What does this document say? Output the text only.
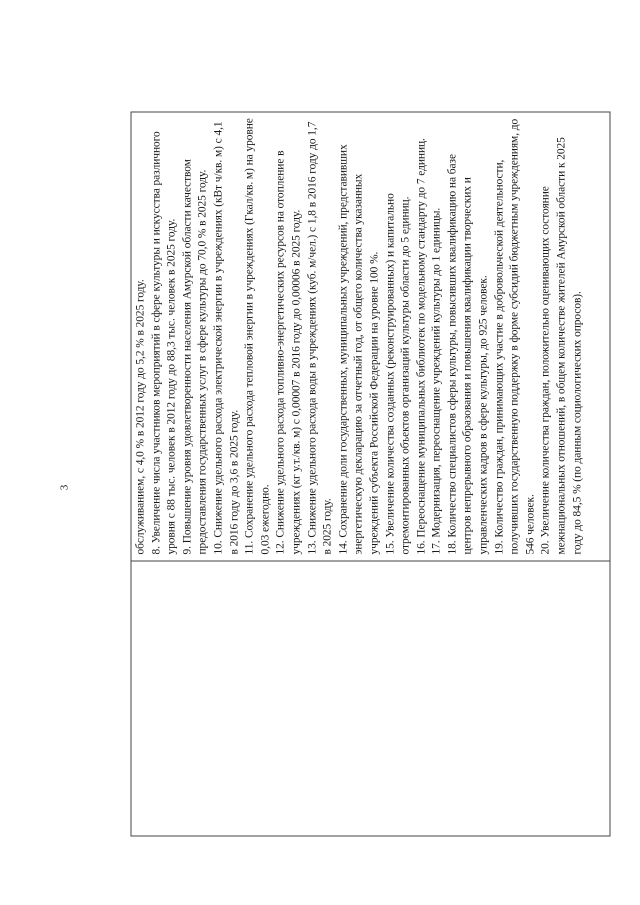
3
		обслуживанием, с 4,0 % в 2012 году до 5,2 % в 2025 году. 8. Увеличение числа участников мероприятий в сфере культуры и искусства различного уровня с 88 тыс. человек в 2012 году до 88,3 тыс. человек в 2025 году. 9. Повышение уровня удовлетворенности населения Амурской области качеством предоставления государственных услуг в сфере культуры до 70,0 % в 2025 году. 10. Снижение удельного расхода электрической энергии в учреждениях (кВт ч/кв. м) с 4,1 в 2016 году до 3,6 в 2025 году. 11. Сохранение удельного расхода тепловой энергии в учреждениях (Гкал/кв. м) на уровне 0,03 ежегодно. 12. Снижение удельного расхода топливно-энергетических ресурсов на отопление в учреждениях (кг у.т./кв. м) с 0,00007 в 2016 году до 0,00006 в 2025 году. 13. Снижение удельного расхода воды в учреждениях (куб. м/чел.) с 1,8 в 2016 году до 1,7 в 2025 году. 14. Сохранение доли государственных, муниципальных учреждений, представивших энергетическую декларацию за отчетный год, от общего количества указанных учреждений субъекта Российской Федерации на уровне 100 %. 15. Увеличение количества созданных (реконструированных) и капитально отремонтированных объектов организаций культуры области до 5 единиц. 16. Переоснащение муниципальных библиотек по модельному стандарту до 7 единиц. 17. Модернизация, переоснащение учреждений культуры до 1 единицы. 18. Количество специалистов сферы культуры, повысивших квалификацию на базе центров непрерывного образования и повышения квалификации творческих и управленческих кадров в сфере культуры, до 925 человек. 19. Количество граждан, принимающих участие в добровольческой деятельности, получивших государственную поддержку в форме субсидий бюджетным учреждениям, до 546 человек. 20. Увеличение количества граждан, положительно оценивающих состояние межнациональных отношений, в общем количестве жителей Амурской области к 2025 году до 84,5 % (по данным социологических опросов).
